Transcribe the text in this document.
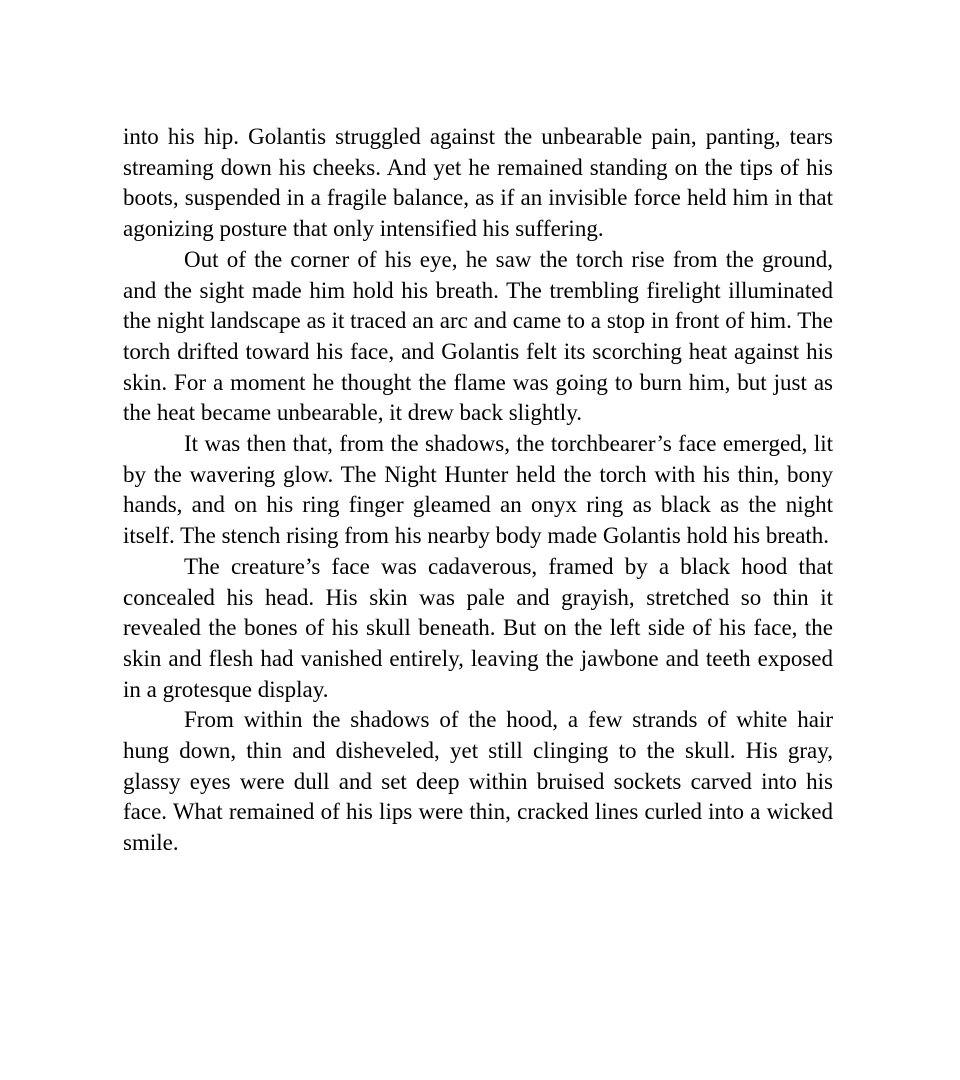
into his hip. Golantis struggled against the unbearable pain, panting, tears streaming down his cheeks. And yet he remained standing on the tips of his boots, suspended in a fragile balance, as if an invisible force held him in that agonizing posture that only intensified his suffering.

Out of the corner of his eye, he saw the torch rise from the ground, and the sight made him hold his breath. The trembling firelight illuminated the night landscape as it traced an arc and came to a stop in front of him. The torch drifted toward his face, and Golantis felt its scorching heat against his skin. For a moment he thought the flame was going to burn him, but just as the heat became unbearable, it drew back slightly.

It was then that, from the shadows, the torchbearer’s face emerged, lit by the wavering glow. The Night Hunter held the torch with his thin, bony hands, and on his ring finger gleamed an onyx ring as black as the night itself. The stench rising from his nearby body made Golantis hold his breath.

The creature’s face was cadaverous, framed by a black hood that concealed his head. His skin was pale and grayish, stretched so thin it revealed the bones of his skull beneath. But on the left side of his face, the skin and flesh had vanished entirely, leaving the jawbone and teeth exposed in a grotesque display.

From within the shadows of the hood, a few strands of white hair hung down, thin and disheveled, yet still clinging to the skull. His gray, glassy eyes were dull and set deep within bruised sockets carved into his face. What remained of his lips were thin, cracked lines curled into a wicked smile.
